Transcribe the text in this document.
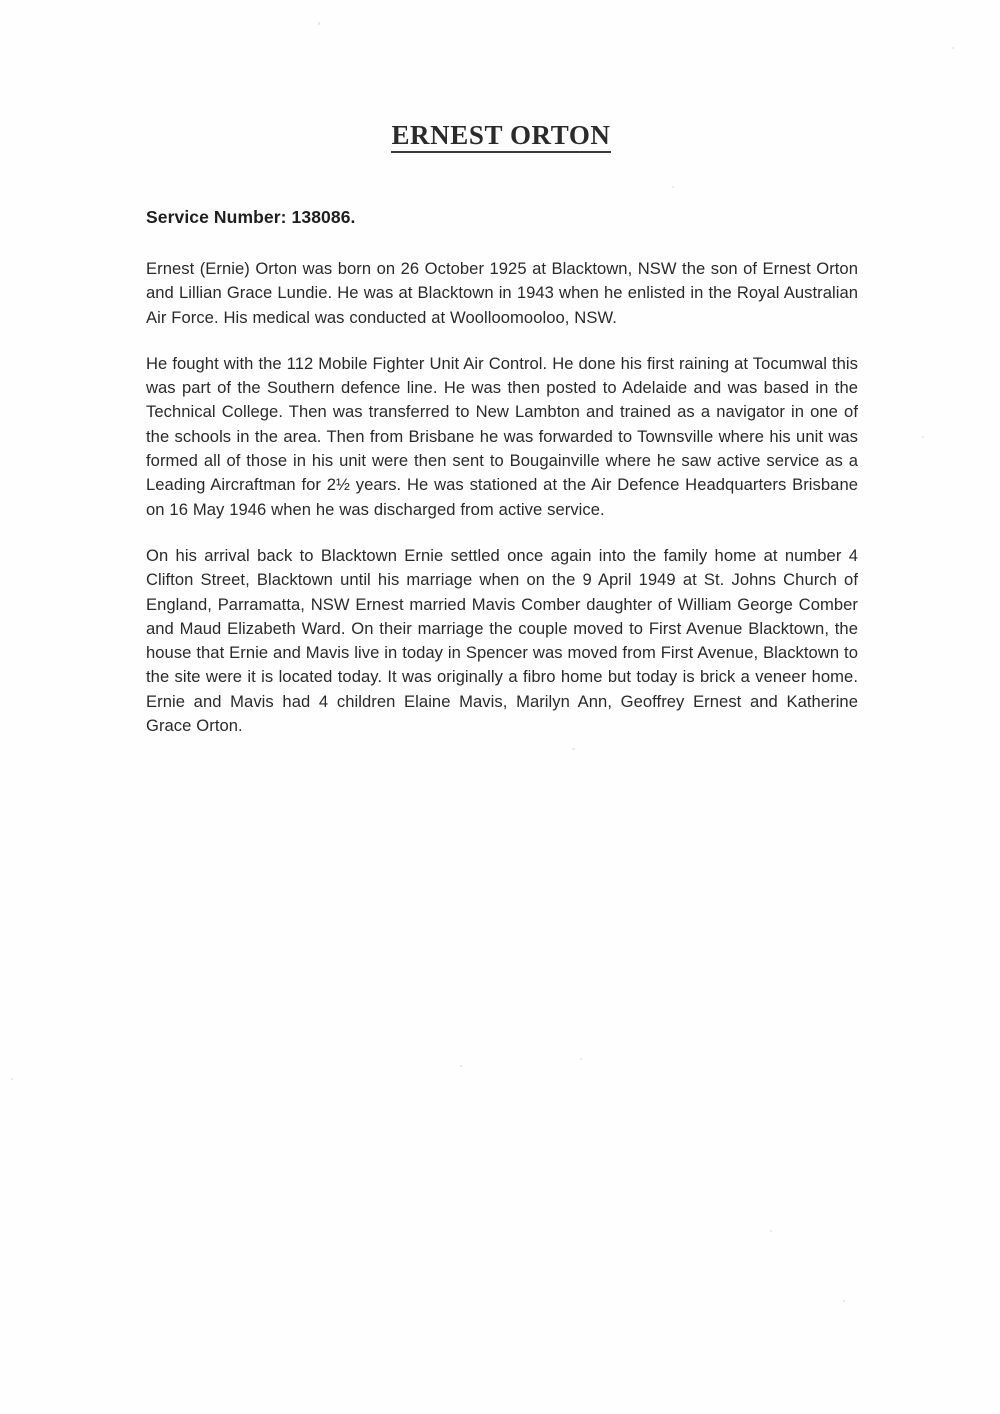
ERNEST ORTON
Service Number: 138086.

Ernest (Ernie) Orton was born on 26 October 1925 at Blacktown, NSW the son of Ernest Orton and Lillian Grace Lundie. He was at Blacktown in 1943 when he enlisted in the Royal Australian Air Force. His medical was conducted at Woolloomooloo, NSW.

He fought with the 112 Mobile Fighter Unit Air Control. He done his first raining at Tocumwal this was part of the Southern defence line. He was then posted to Adelaide and was based in the Technical College. Then was transferred to New Lambton and trained as a navigator in one of the schools in the area. Then from Brisbane he was forwarded to Townsville where his unit was formed all of those in his unit were then sent to Bougainville where he saw active service as a Leading Aircraftman for 2½ years. He was stationed at the Air Defence Headquarters Brisbane on 16 May 1946 when he was discharged from active service.

On his arrival back to Blacktown Ernie settled once again into the family home at number 4 Clifton Street, Blacktown until his marriage when on the 9 April 1949 at St. Johns Church of England, Parramatta, NSW Ernest married Mavis Comber daughter of William George Comber and Maud Elizabeth Ward. On their marriage the couple moved to First Avenue Blacktown, the house that Ernie and Mavis live in today in Spencer was moved from First Avenue, Blacktown to the site were it is located today. It was originally a fibro home but today is brick a veneer home. Ernie and Mavis had 4 children Elaine Mavis, Marilyn Ann, Geoffrey Ernest and Katherine Grace Orton.
